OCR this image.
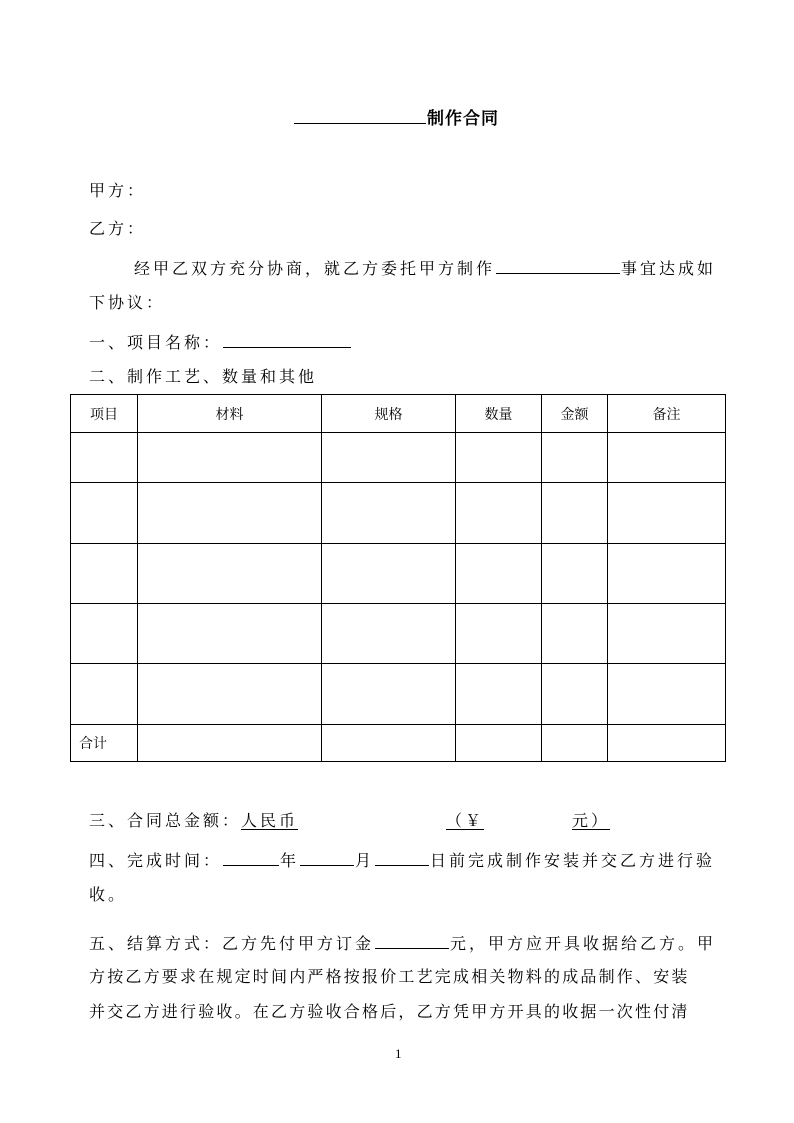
制作合同
甲方：
乙方：
经甲乙双方充分协商，就乙方委托甲方制作	事宜达成如
下协议：
一、项目名称：
二、制作工艺、数量和其他
项目	材料	规格	数量	金额	备注

合计					
三、合同总金额：人民币	（￥	元）
四、完成时间：	年	月	日前完成制作安装并交乙方进行验
收。
五、结算方式：乙方先付甲方订金	元，甲方应开具收据给乙方。甲
方按乙方要求在规定时间内严格按报价工艺完成相关物料的成品制作、安装
并交乙方进行验收。在乙方验收合格后，乙方凭甲方开具的收据一次性付清
1
